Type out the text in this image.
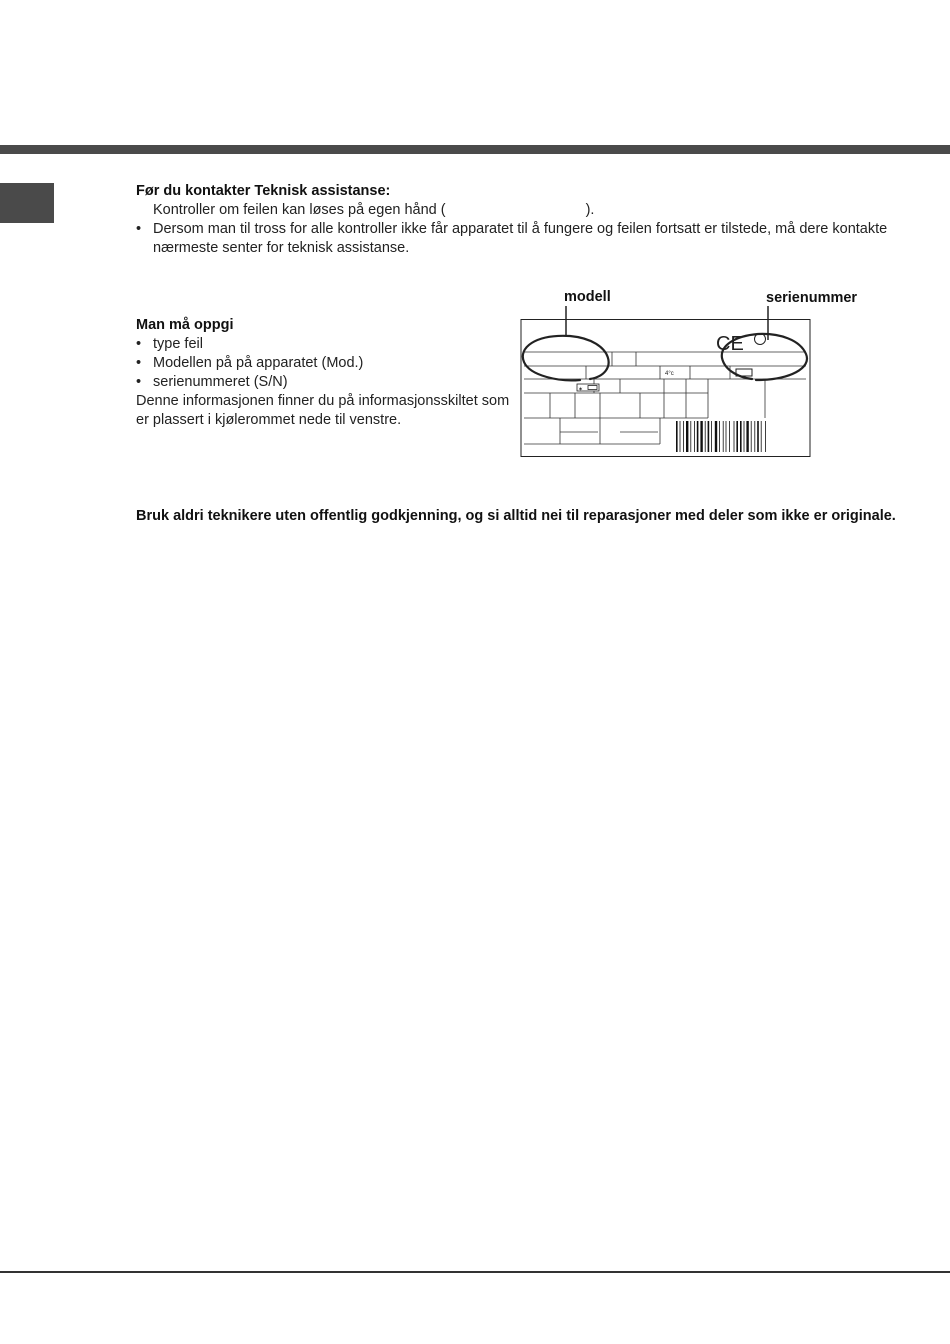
Før du kontakter Teknisk assistanse:
Kontroller om feilen kan løses på egen hånd (	).
• Dersom man til tross for alle kontroller ikke får apparatet til å fungere og feilen fortsatt er tilstede, må dere kontakte nærmeste senter for teknisk assistanse.
Man må oppgi
• type feil
• Modellen på på apparatet (Mod.)
• serienummeret (S/N)
Denne informasjonen finner du på informasjonsskiltet som er plassert i kjølerommet nede til venstre.
modell	serienummer
CE
✶
4°c
Bruk aldri teknikere uten offentlig godkjenning, og si alltid nei til reparasjoner med deler som ikke er originale.
